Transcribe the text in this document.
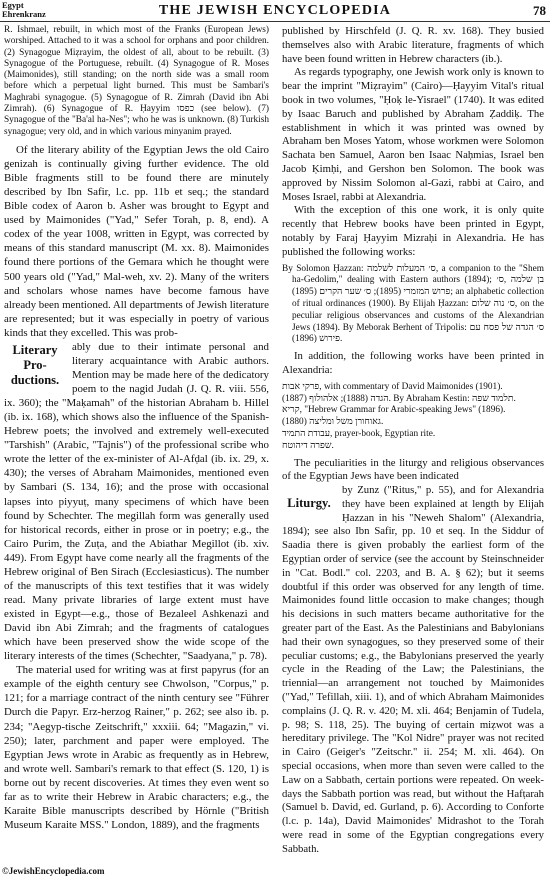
Egypt
Ehrenkranz	THE JEWISH ENCYCLOPEDIA	78

R. Ishmael, rebuilt, in which most of the Franks (European Jews) worshiped. Attached to it was a school for orphans and poor children. (2) Synagogue Miẓrayim, the oldest of all, about to be rebuilt. (3) Synagogue of the Portuguese, rebuilt. (4) Synagogue of R. Moses (Maimonides), still standing; on the north side was a small room before which a perpetual light burned. This must be Sambari's Maghrabi synagogue. (5) Synagogue of R. Zimrah (David ibn Abi Zimrah). (6) Synagogue of R. Ḥayyim כפסו (see below). (7) Synagogue of the "Ba'al ha-Nes"; who he was is unknown. (8) Turkish synagogue; very old, and in which various minyanim prayed.

Of the literary ability of the Egyptian Jews the old Cairo genizah is continually giving further evidence. The old Bible fragments still to be found there are minutely described by Ibn Safir, l.c. pp. 11b et seq.; the standard Bible codex of Aaron b. Asher was brought to Egypt and used by Maimonides ("Yad," Sefer Torah, p. 8, end). A codex of the year 1008, written in Egypt, was corrected by means of this standard manuscript (M. xx. 8). Maimonides found there portions of the Gemara which he thought were 500 years old ("Yad," Mal-weh, xv. 2). Many of the writers and scholars whose names have become famous have already been mentioned. All departments of Jewish literature are represented; but it was especially in poetry of various kinds that they excelled. This was prob-

Literary Pro-ductions.

ably due to their intimate personal and literary acquaintance with Arabic authors. Mention may be made here of the dedicatory poem to the nagid Judah (J. Q. R. viii. 556, ix. 360); the "Maḳamah" of the historian Abraham b. Hillel (ib. ix. 168), which shows also the influence of the Spanish-Hebrew poets; the involved and extremely well-executed "Tarshish" (Arabic, "Tajnis") of the professional scribe who wrote the letter of the ex-minister of Al-Afḍal (ib. ix. 29, x. 430); the verses of Abraham Maimonides, mentioned even by Sambari (S. 134, 16); and the prose with occasional lapses into piyyuṭ, many specimens of which have been found by Schechter. The megillah form was generally used for historical records, either in prose or in poetry; e.g., the Cairo Purim, the Zuṭa, and the Abiathar Megillot (ib. xiv. 449). From Egypt have come nearly all the fragments of the Hebrew original of Ben Sirach (Ecclesiasticus). The number of the manuscripts of this text testifies that it was widely read. Many private libraries of large extent must have existed in Egypt—e.g., those of Bezaleel Ashkenazi and David ibn Abi Zimrah; and the fragments of catalogues which have been preserved show the wide scope of the literary interests of the times (Schechter, "Saadyana," p. 78).

The material used for writing was at first papyrus (for an example of the eighth century see Chwolson, "Corpus," p. 121; for a marriage contract of the ninth century see "Führer Durch die Papyr. Erz-herzog Rainer," p. 262; see also ib. p. 234; "Aegyp-tische Zeitschrift," xxxiii. 64; "Magazin," vi. 250); later, parchment and paper were employed. The Egyptian Jews wrote in Arabic as frequently as in Hebrew, and wrote well. Sambari's remark to that effect (S. 120, 1) is borne out by recent discoveries. At times they even went so far as to write their Hebrew in Arabic characters; e.g., the Karaite Bible manuscripts described by Hörnle ("British Museum Karaite MSS." London, 1889), and the fragments

published by Hirschfeld (J. Q. R. xv. 168). They busied themselves also with Arabic literature, fragments of which have been found written in Hebrew characters (ib.).

As regards typography, one Jewish work only is known to bear the imprint "Miẓrayim" (Cairo)—Ḥayyim Vital's ritual book in two volumes, "Ḥoḳ le-Yisrael" (1740). It was edited by Isaac Baruch and published by Abraham Ẓaddiḳ. The establishment in which it was printed was owned by Abraham ben Moses Yatom, whose workmen were Solomon Sachata ben Samuel, Aaron ben Isaac Naḥmias, Israel ben Jacob Ḳimḥi, and Gershon ben Solomon. The book was approved by Nissim Solomon al-Gazi, rabbi at Cairo, and Moses Israel, rabbi at Alexandria.

With the exception of this one work, it is only quite recently that Hebrew books have been printed in Egypt, notably by Faraj Ḥayyim Mizraḥi in Alexandria. He has published the following works:

By Solomon Ḥazzan: ס׳ המעלות לשלמה, a companion to the "Shem ha-Gedolim," dealing with Eastern authors (1894); בן שלמה ,ס׳ פרוש המזמרי (1895); ס׳ שער הקרים (1895); an alphabetic collection of ritual ordinances (1900). By Elijah Ḥazzan: ס׳ נוה שלום, on the peculiar religious observances and customs of the Alexandrian Jews (1894). By Meborak Berhent of Tripolis: ס׳ הגדה של פסח עם פירוש (1896).

In addition, the following works have been printed in Alexandria:

פרקי אבות, with commentary of David Maimonides (1901).

הגדה (1888); אלהולוף (1887). By Abraham Kestin: תלמוד שפה.

קריא, "Hebrew Grammar for Arabic-speaking Jews" (1896).

גאוחורן משל ומליצה (1880).

עבודת התמיד, prayer-book, Egyptian rite.

שפרה דיהוטח.

The peculiarities in the liturgy and religious observances of the Egyptian Jews have been indicated

Liturgy.

by Zunz ("Ritus," p. 55), and for Alexandria they have been explained at length by Elijah Ḥazzan in his "Neweh Shalom" (Alexandria, 1894); see also Ibn Safir, pp. 10 et seq. In the Siddur of Saadia there is given probably the earliest form of the Egyptian order of service (see the account by Steinschneider in "Cat. Bodl." col. 2203, and B. A. § 62); but it seems doubtful if this order was observed for any length of time. Maimonides found little occasion to make changes; though his decisions in such matters became authoritative for the greater part of the East. As the Palestinians and Babylonians had their own synagogues, so they preserved some of their peculiar customs; e.g., the Babylonians preserved the yearly cycle in the Reading of the Law; the Palestinians, the triennial—an arrangement not touched by Maimonides ("Yad," Tefillah, xiii. 1), and of which Abraham Maimonides complains (J. Q. R. v. 420; M. xli. 464; Benjamin of Tudela, p. 98; S. 118, 25). The buying of certain miẓwot was a hereditary privilege. The "Kol Nidre" prayer was not recited in Cairo (Geiger's "Zeitschr." ii. 254; M. xli. 464). On special occasions, when more than seven were called to the Law on a Sabbath, certain portions were repeated. On week-days the Sabbath portion was read, but without the Hafṭarah (Samuel b. David, ed. Gurland, p. 6). According to Conforte (l.c. p. 14a), David Maimonides' Midrashot to the Torah were read in some of the Egyptian congregations every Sabbath.

©JewishEncyclopedia.com
